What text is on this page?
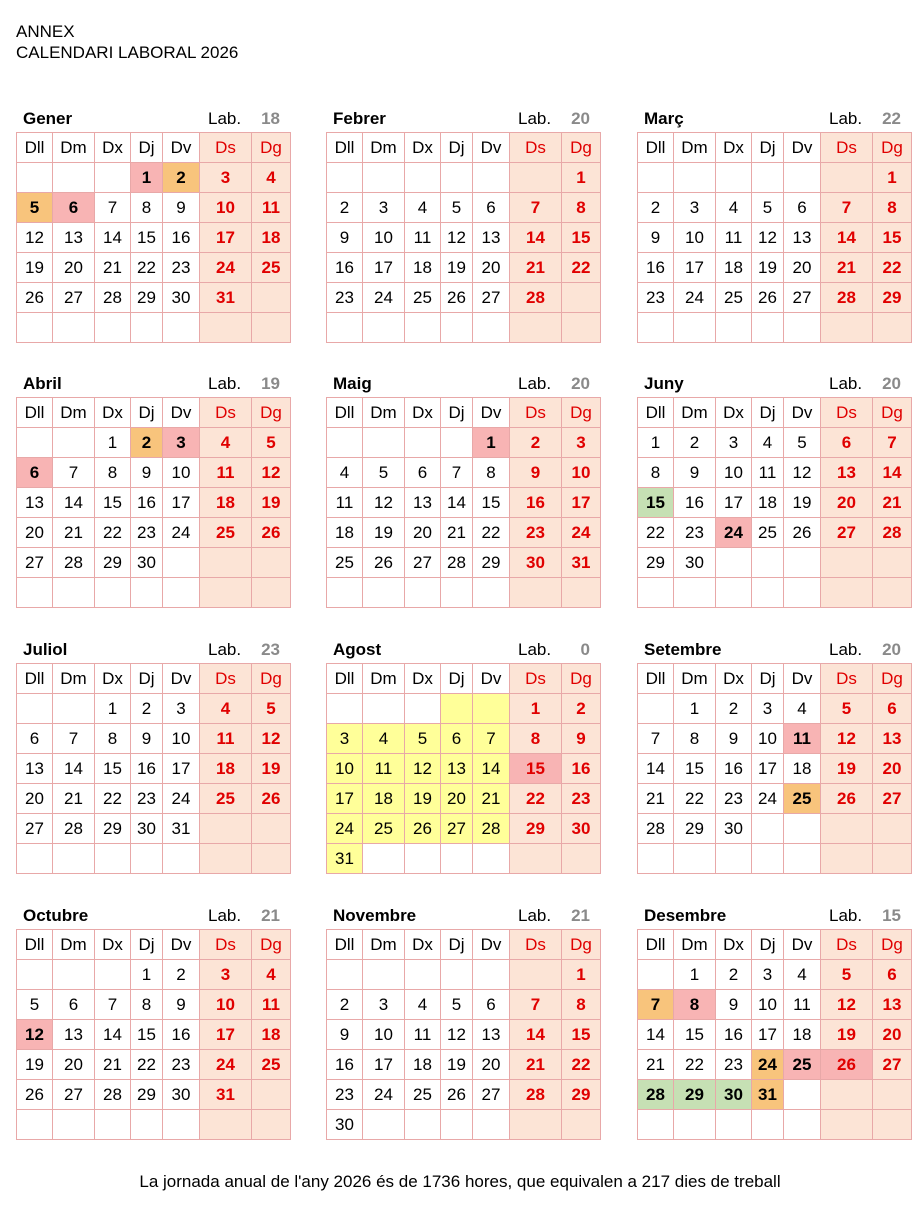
ANNEX
CALENDARI LABORAL 2026
Gener	Lab.	18
Dll	Dm	Dx	Dj	Dv	Ds	Dg
			1	2	3	4
5	6	7	8	9	10	11
12	13	14	15	16	17	18
19	20	21	22	23	24	25
26	27	28	29	30	31	

Febrer	Lab.	20
Dll	Dm	Dx	Dj	Dv	Ds	Dg
						1
2	3	4	5	6	7	8
9	10	11	12	13	14	15
16	17	18	19	20	21	22
23	24	25	26	27	28	

Març	Lab.	22
Dll	Dm	Dx	Dj	Dv	Ds	Dg
						1
2	3	4	5	6	7	8
9	10	11	12	13	14	15
16	17	18	19	20	21	22
23	24	25	26	27	28	29

Abril	Lab.	19
Dll	Dm	Dx	Dj	Dv	Ds	Dg
		1	2	3	4	5
6	7	8	9	10	11	12
13	14	15	16	17	18	19
20	21	22	23	24	25	26
27	28	29	30			

Maig	Lab.	20
Dll	Dm	Dx	Dj	Dv	Ds	Dg
				1	2	3
4	5	6	7	8	9	10
11	12	13	14	15	16	17
18	19	20	21	22	23	24
25	26	27	28	29	30	31

Juny	Lab.	20
Dll	Dm	Dx	Dj	Dv	Ds	Dg
1	2	3	4	5	6	7
8	9	10	11	12	13	14
15	16	17	18	19	20	21
22	23	24	25	26	27	28
29	30					

Juliol	Lab.	23
Dll	Dm	Dx	Dj	Dv	Ds	Dg
		1	2	3	4	5
6	7	8	9	10	11	12
13	14	15	16	17	18	19
20	21	22	23	24	25	26
27	28	29	30	31		

Agost	Lab.	0
Dll	Dm	Dx	Dj	Dv	Ds	Dg
					1	2
3	4	5	6	7	8	9
10	11	12	13	14	15	16
17	18	19	20	21	22	23
24	25	26	27	28	29	30
31						
Setembre	Lab.	20
Dll	Dm	Dx	Dj	Dv	Ds	Dg
	1	2	3	4	5	6
7	8	9	10	11	12	13
14	15	16	17	18	19	20
21	22	23	24	25	26	27
28	29	30				

Octubre	Lab.	21
Dll	Dm	Dx	Dj	Dv	Ds	Dg
			1	2	3	4
5	6	7	8	9	10	11
12	13	14	15	16	17	18
19	20	21	22	23	24	25
26	27	28	29	30	31	

Novembre	Lab.	21
Dll	Dm	Dx	Dj	Dv	Ds	Dg
						1
2	3	4	5	6	7	8
9	10	11	12	13	14	15
16	17	18	19	20	21	22
23	24	25	26	27	28	29
30						
Desembre	Lab.	15
Dll	Dm	Dx	Dj	Dv	Ds	Dg
	1	2	3	4	5	6
7	8	9	10	11	12	13
14	15	16	17	18	19	20
21	22	23	24	25	26	27
28	29	30	31			

La jornada anual de l'any 2026 és de 1736 hores, que equivalen a 217 dies de treball
